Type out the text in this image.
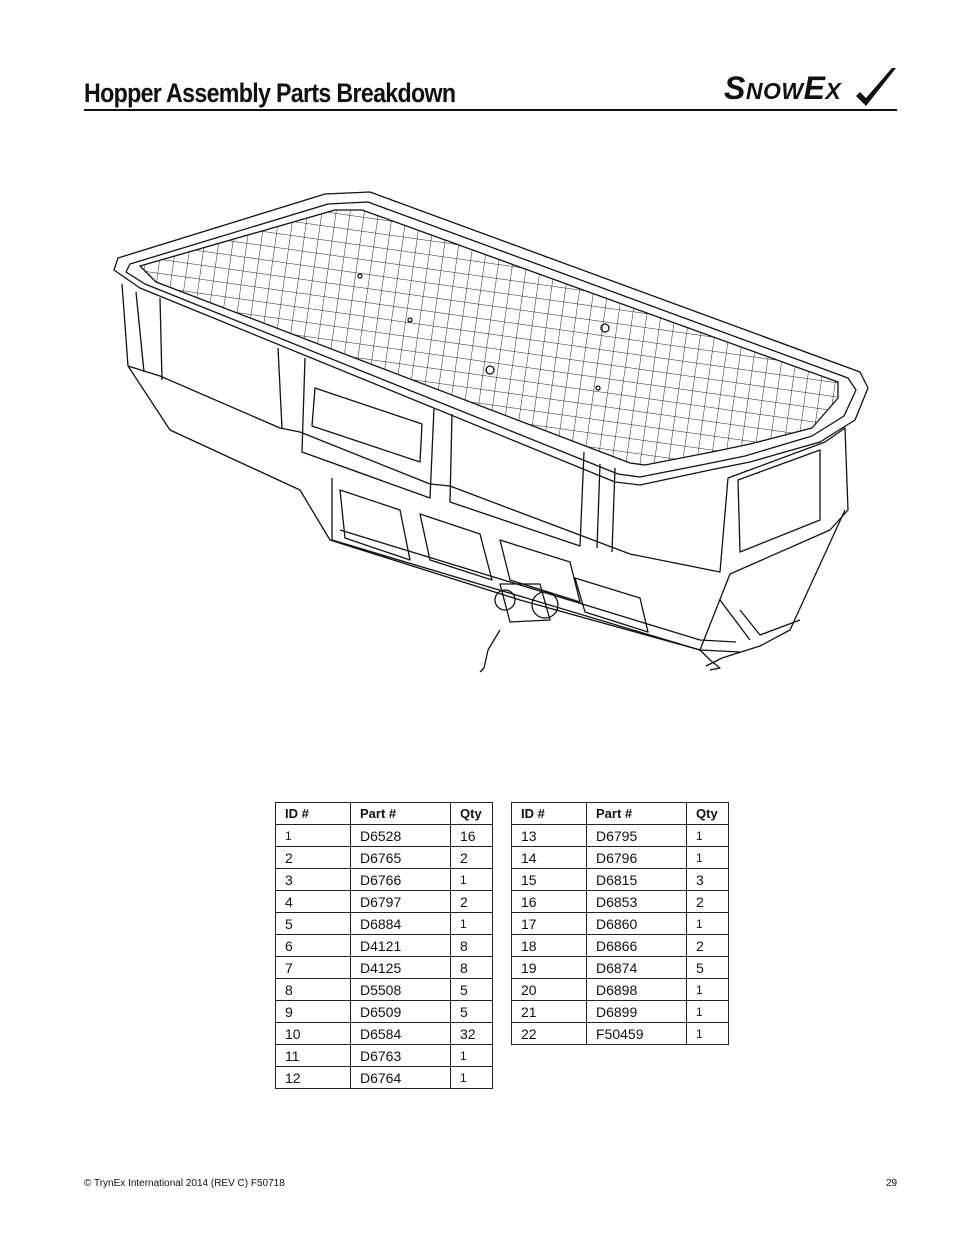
Hopper Assembly Parts Breakdown	SNOWEX
ID #	Part #	Qty
1	D6528	16
2	D6765	2
3	D6766	1
4	D6797	2
5	D6884	1
6	D4121	8
7	D4125	8
8	D5508	5
9	D6509	5
10	D6584	32
11	D6763	1
12	D6764	1
ID #	Part #	Qty
13	D6795	1
14	D6796	1
15	D6815	3
16	D6853	2
17	D6860	1
18	D6866	2
19	D6874	5
20	D6898	1
21	D6899	1
22	F50459	1
© TrynEx International 2014 (REV C) F50718	29
